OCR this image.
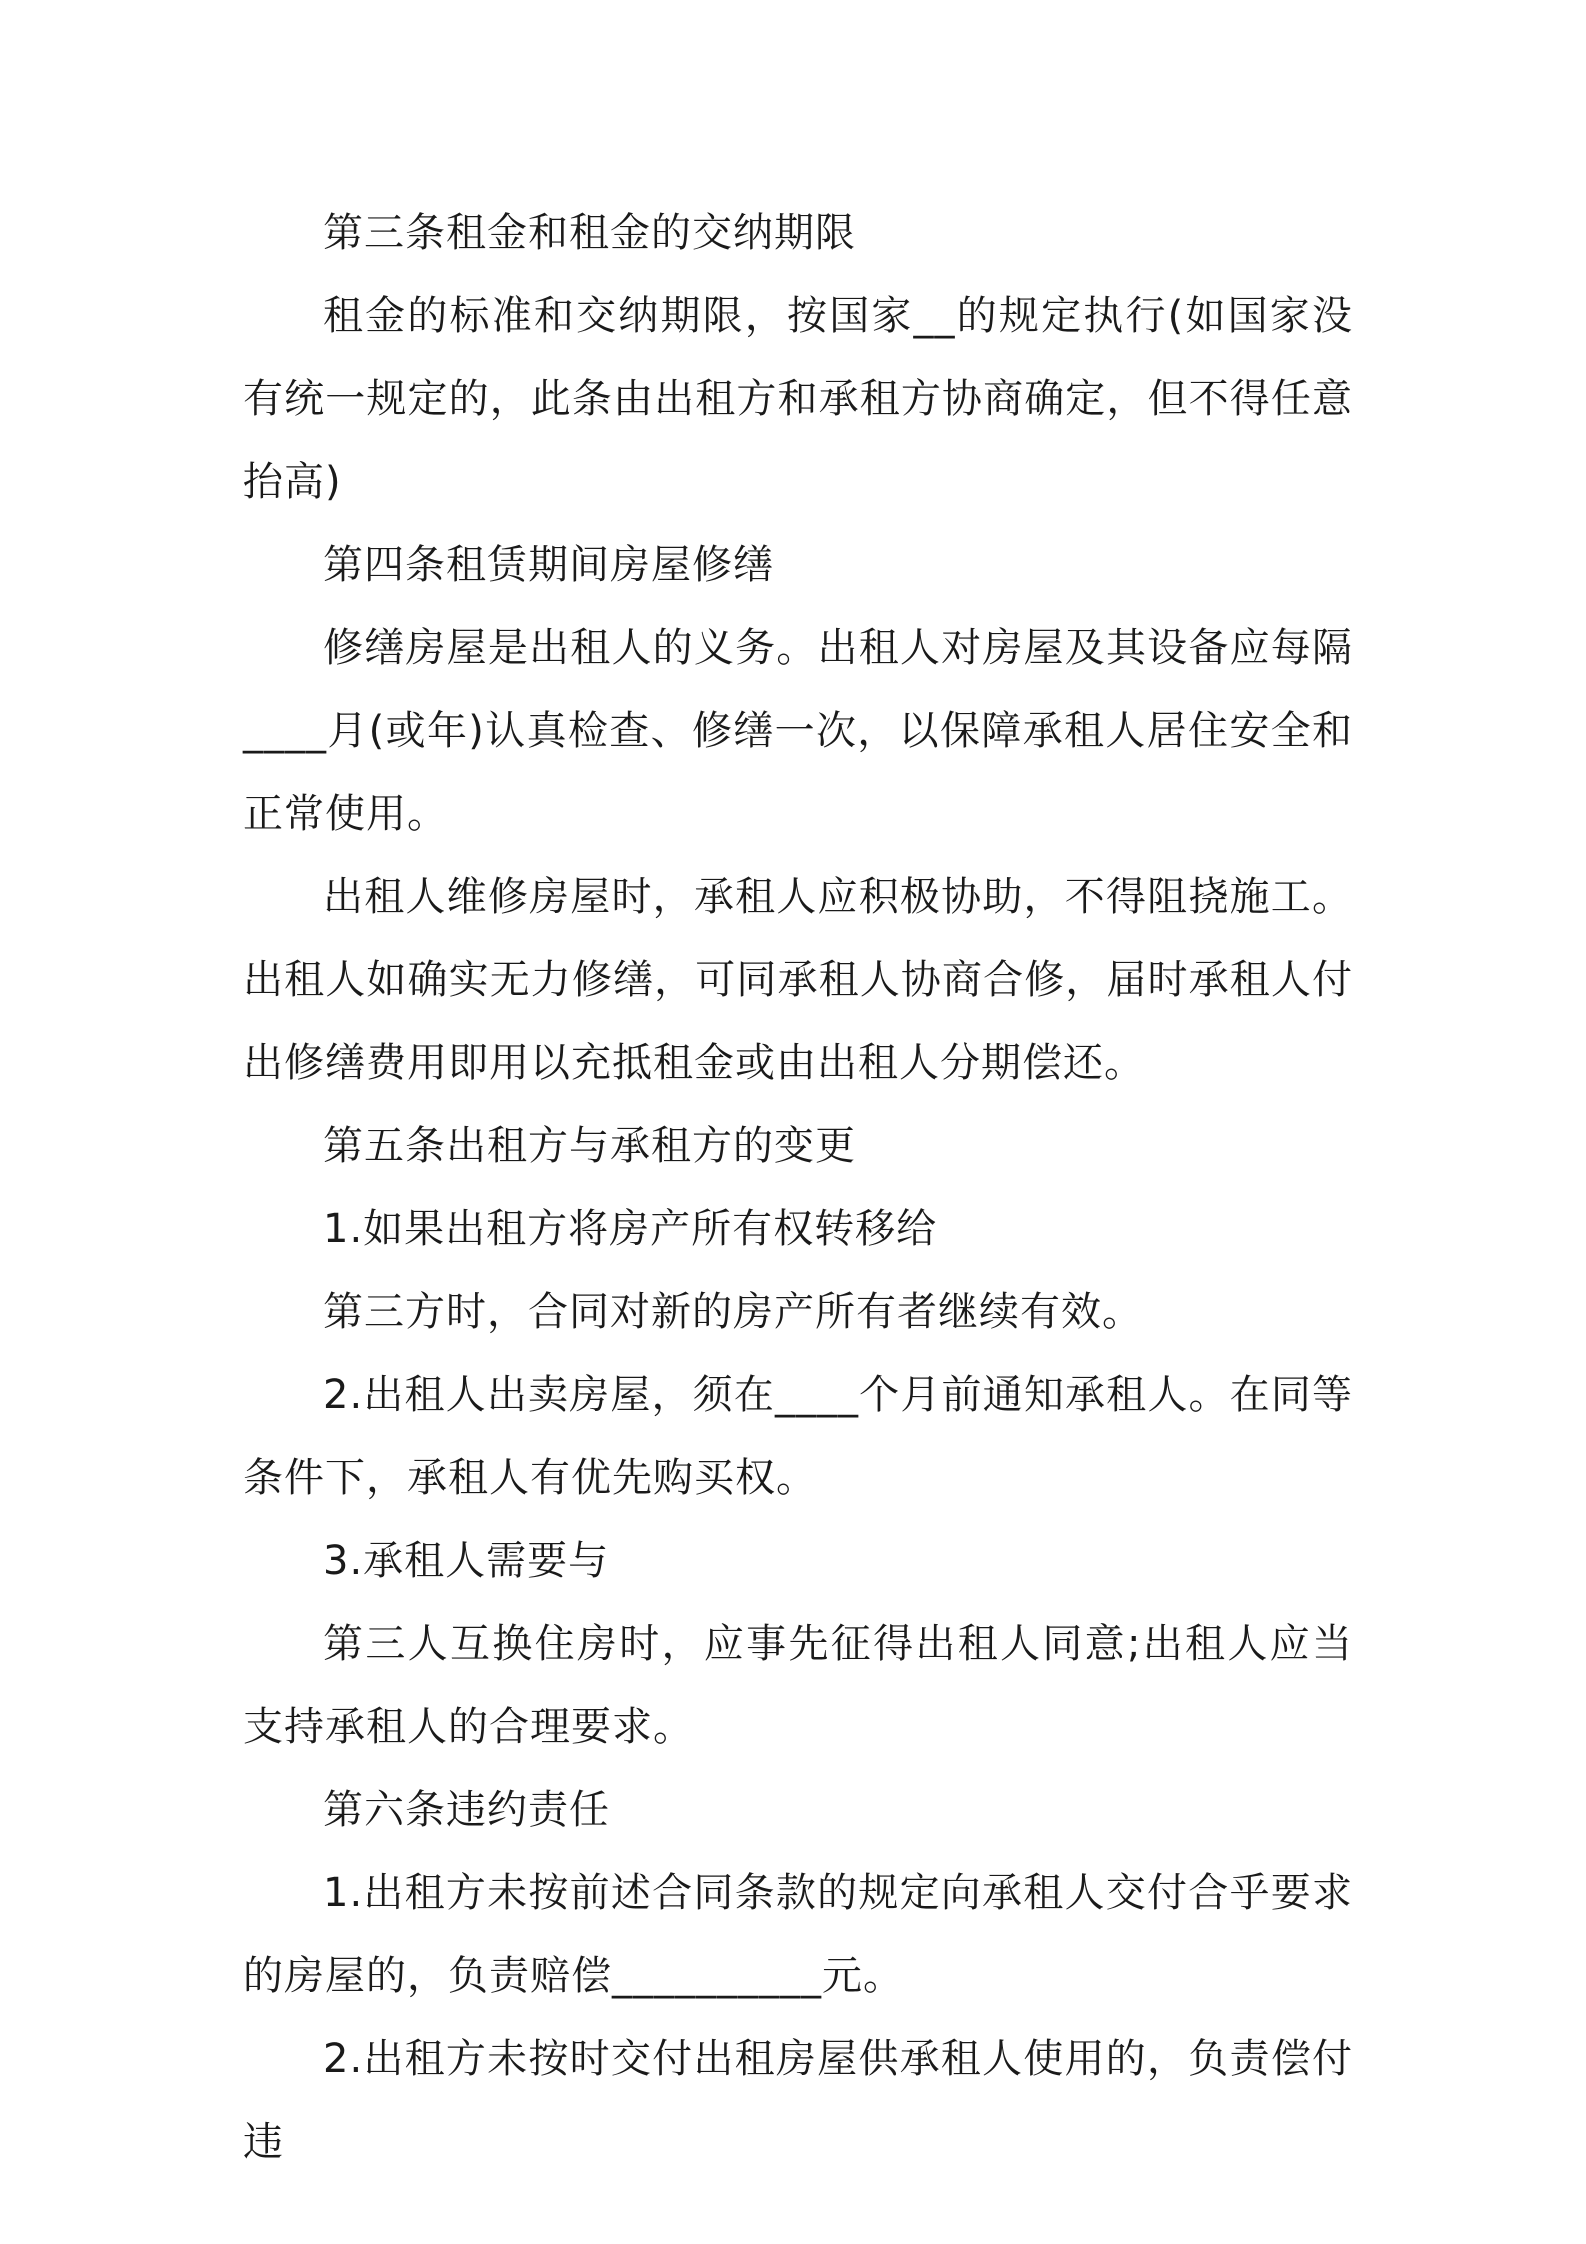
第三条租金和租金的交纳期限

租金的标准和交纳期限，按国家__的规定执行(如国家没有统一规定的，此条由出租方和承租方协商确定，但不得任意抬高)

第四条租赁期间房屋修缮

修缮房屋是出租人的义务。出租人对房屋及其设备应每隔____月(或年)认真检查、修缮一次，以保障承租人居住安全和正常使用。

出租人维修房屋时，承租人应积极协助，不得阻挠施工。出租人如确实无力修缮，可同承租人协商合修，届时承租人付出修缮费用即用以充抵租金或由出租人分期偿还。

第五条出租方与承租方的变更

1.如果出租方将房产所有权转移给

第三方时，合同对新的房产所有者继续有效。

2.出租人出卖房屋，须在____个月前通知承租人。在同等条件下，承租人有优先购买权。

3.承租人需要与

第三人互换住房时，应事先征得出租人同意;出租人应当支持承租人的合理要求。

第六条违约责任

1.出租方未按前述合同条款的规定向承租人交付合乎要求的房屋的，负责赔偿__________元。

2.出租方未按时交付出租房屋供承租人使用的，负责偿付违
